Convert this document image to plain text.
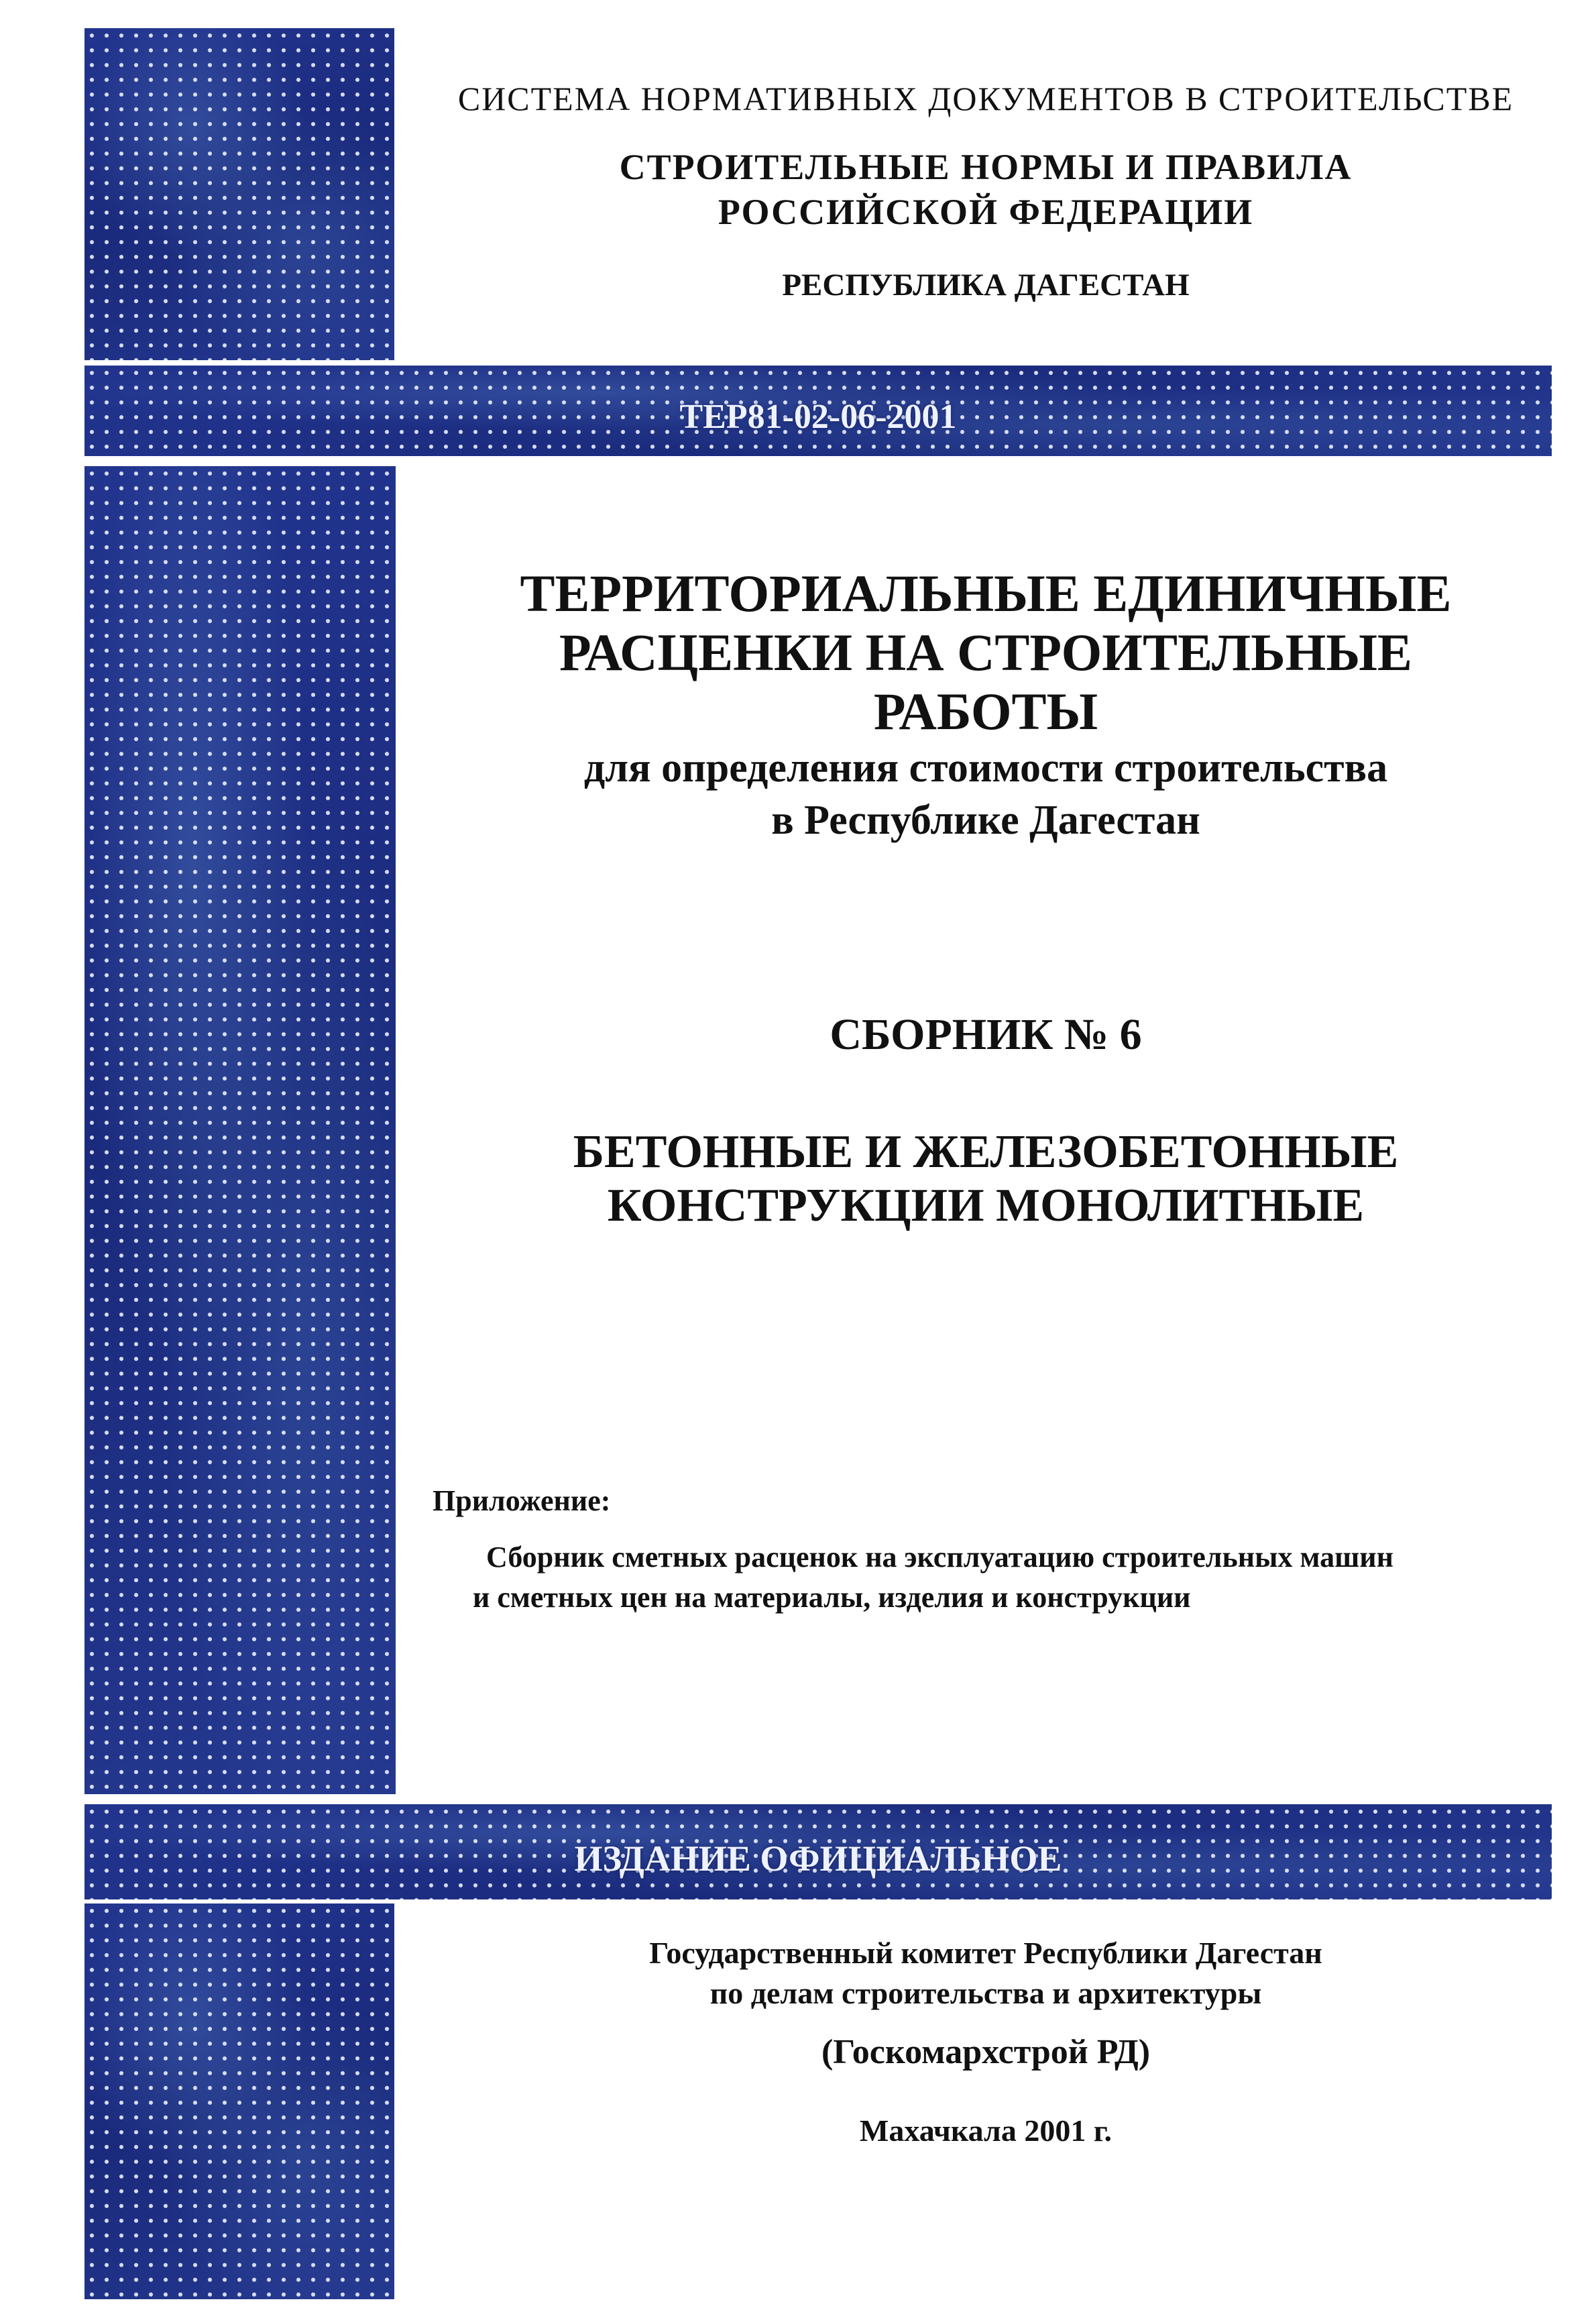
СИСТЕМА НОРМАТИВНЫХ ДОКУМЕНТОВ В СТРОИТЕЛЬСТВЕ
СТРОИТЕЛЬНЫЕ НОРМЫ И ПРАВИЛА
РОССИЙСКОЙ ФЕДЕРАЦИИ
РЕСПУБЛИКА ДАГЕСТАН
ТЕР81-02-06-2001
ТЕРРИТОРИАЛЬНЫЕ ЕДИНИЧНЫЕ
РАСЦЕНКИ НА СТРОИТЕЛЬНЫЕ
РАБОТЫ
для определения стоимости строительства
в Республике Дагестан
СБОРНИК № 6
БЕТОННЫЕ И ЖЕЛЕЗОБЕТОННЫЕ
КОНСТРУКЦИИ МОНОЛИТНЫЕ
Приложение:
Сборник сметных расценок на эксплуатацию строительных машин
и сметных цен на материалы, изделия и конструкции
ИЗДАНИЕ ОФИЦИАЛЬНОЕ
Государственный комитет Республики Дагестан
по делам строительства и архитектуры
(Госкомархстрой РД)
Махачкала 2001 г.
